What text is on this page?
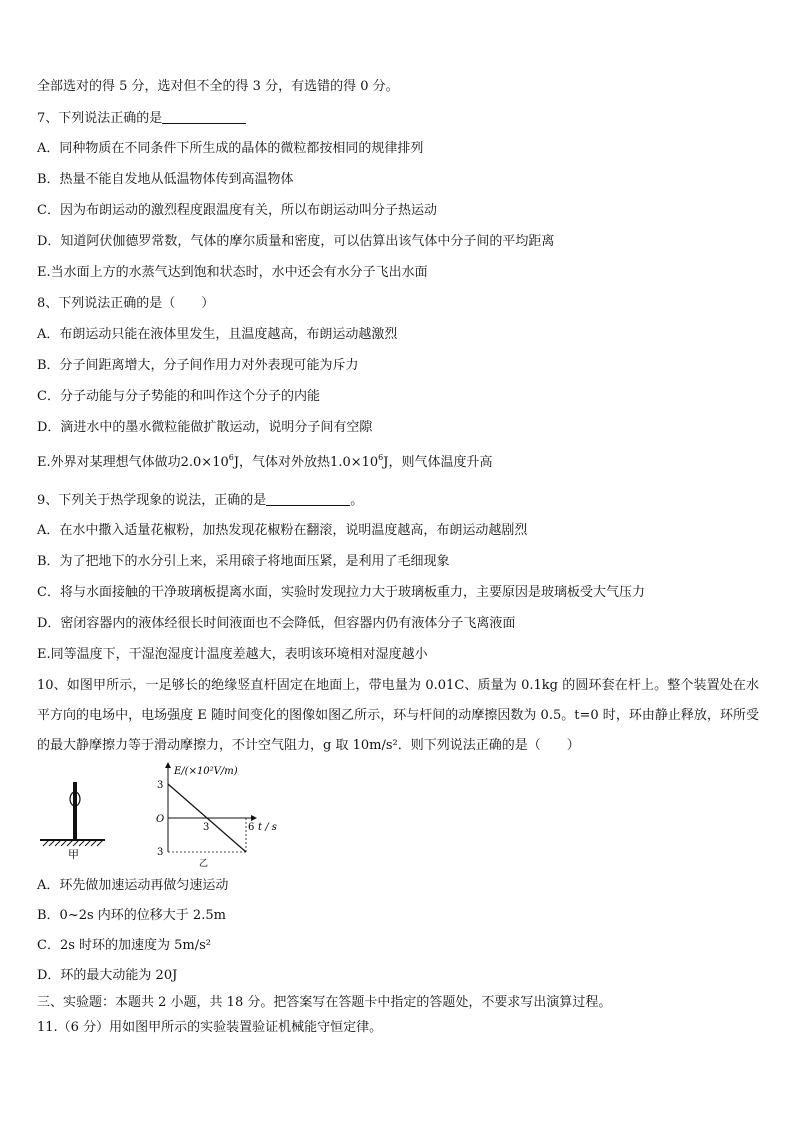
全部选对的得 5 分，选对但不全的得 3 分，有选错的得 0 分。
7、下列说法正确的是
A．同种物质在不同条件下所生成的晶体的微粒都按相同的规律排列
B．热量不能自发地从低温物体传到高温物体
C．因为布朗运动的激烈程度跟温度有关，所以布朗运动叫分子热运动
D．知道阿伏伽德罗常数，气体的摩尔质量和密度，可以估算出该气体中分子间的平均距离
E.当水面上方的水蒸气达到饱和状态时，水中还会有水分子飞出水面
8、下列说法正确的是（　　）
A．布朗运动只能在液体里发生，且温度越高，布朗运动越激烈
B．分子间距离增大，分子间作用力对外表现可能为斥力
C．分子动能与分子势能的和叫作这个分子的内能
D．滴进水中的墨水微粒能做扩散运动，说明分子间有空隙
E.外界对某理想气体做功$2.0\times 10^6J$，气体对外放热$1.0\times 10^6J$，则气体温度升高
9、下列关于热学现象的说法，正确的是	。
A．在水中撒入适量花椒粉，加热发现花椒粉在翻滚，说明温度越高，布朗运动越剧烈
B．为了把地下的水分引上来，采用磙子将地面压紧，是利用了毛细现象
C．将与水面接触的干净玻璃板提离水面，实验时发现拉力大于玻璃板重力，主要原因是玻璃板受大气压力
D．密闭容器内的液体经很长时间液面也不会降低，但容器内仍有液体分子飞离液面
E.同等温度下，干湿泡湿度计温度差越大，表明该环境相对湿度越小
10、如图甲所示，一足够长的绝缘竖直杆固定在地面上，带电量为 0.01C、质量为 0.1kg 的圆环套在杆上。整个装置处在水平方向的电场中，电场强度 E 随时间变化的图像如图乙所示，环与杆间的动摩擦因数为 0.5。t=0 时，环由静止释放，环所受的最大静摩擦力等于滑动摩擦力，不计空气阻力，g 取 10m/s²．则下列说法正确的是（　　）
甲
E/(×10²V/m)
3
O
3
3	6 t / s
乙
A．环先做加速运动再做匀速运动
B．0~2s 内环的位移大于 2.5m
C．2s 时环的加速度为 5m/s²
D．环的最大动能为 20J
三、实验题：本题共 2 小题，共 18 分。把答案写在答题卡中指定的答题处，不要求写出演算过程。
11.（6 分）用如图甲所示的实验装置验证机械能守恒定律。
